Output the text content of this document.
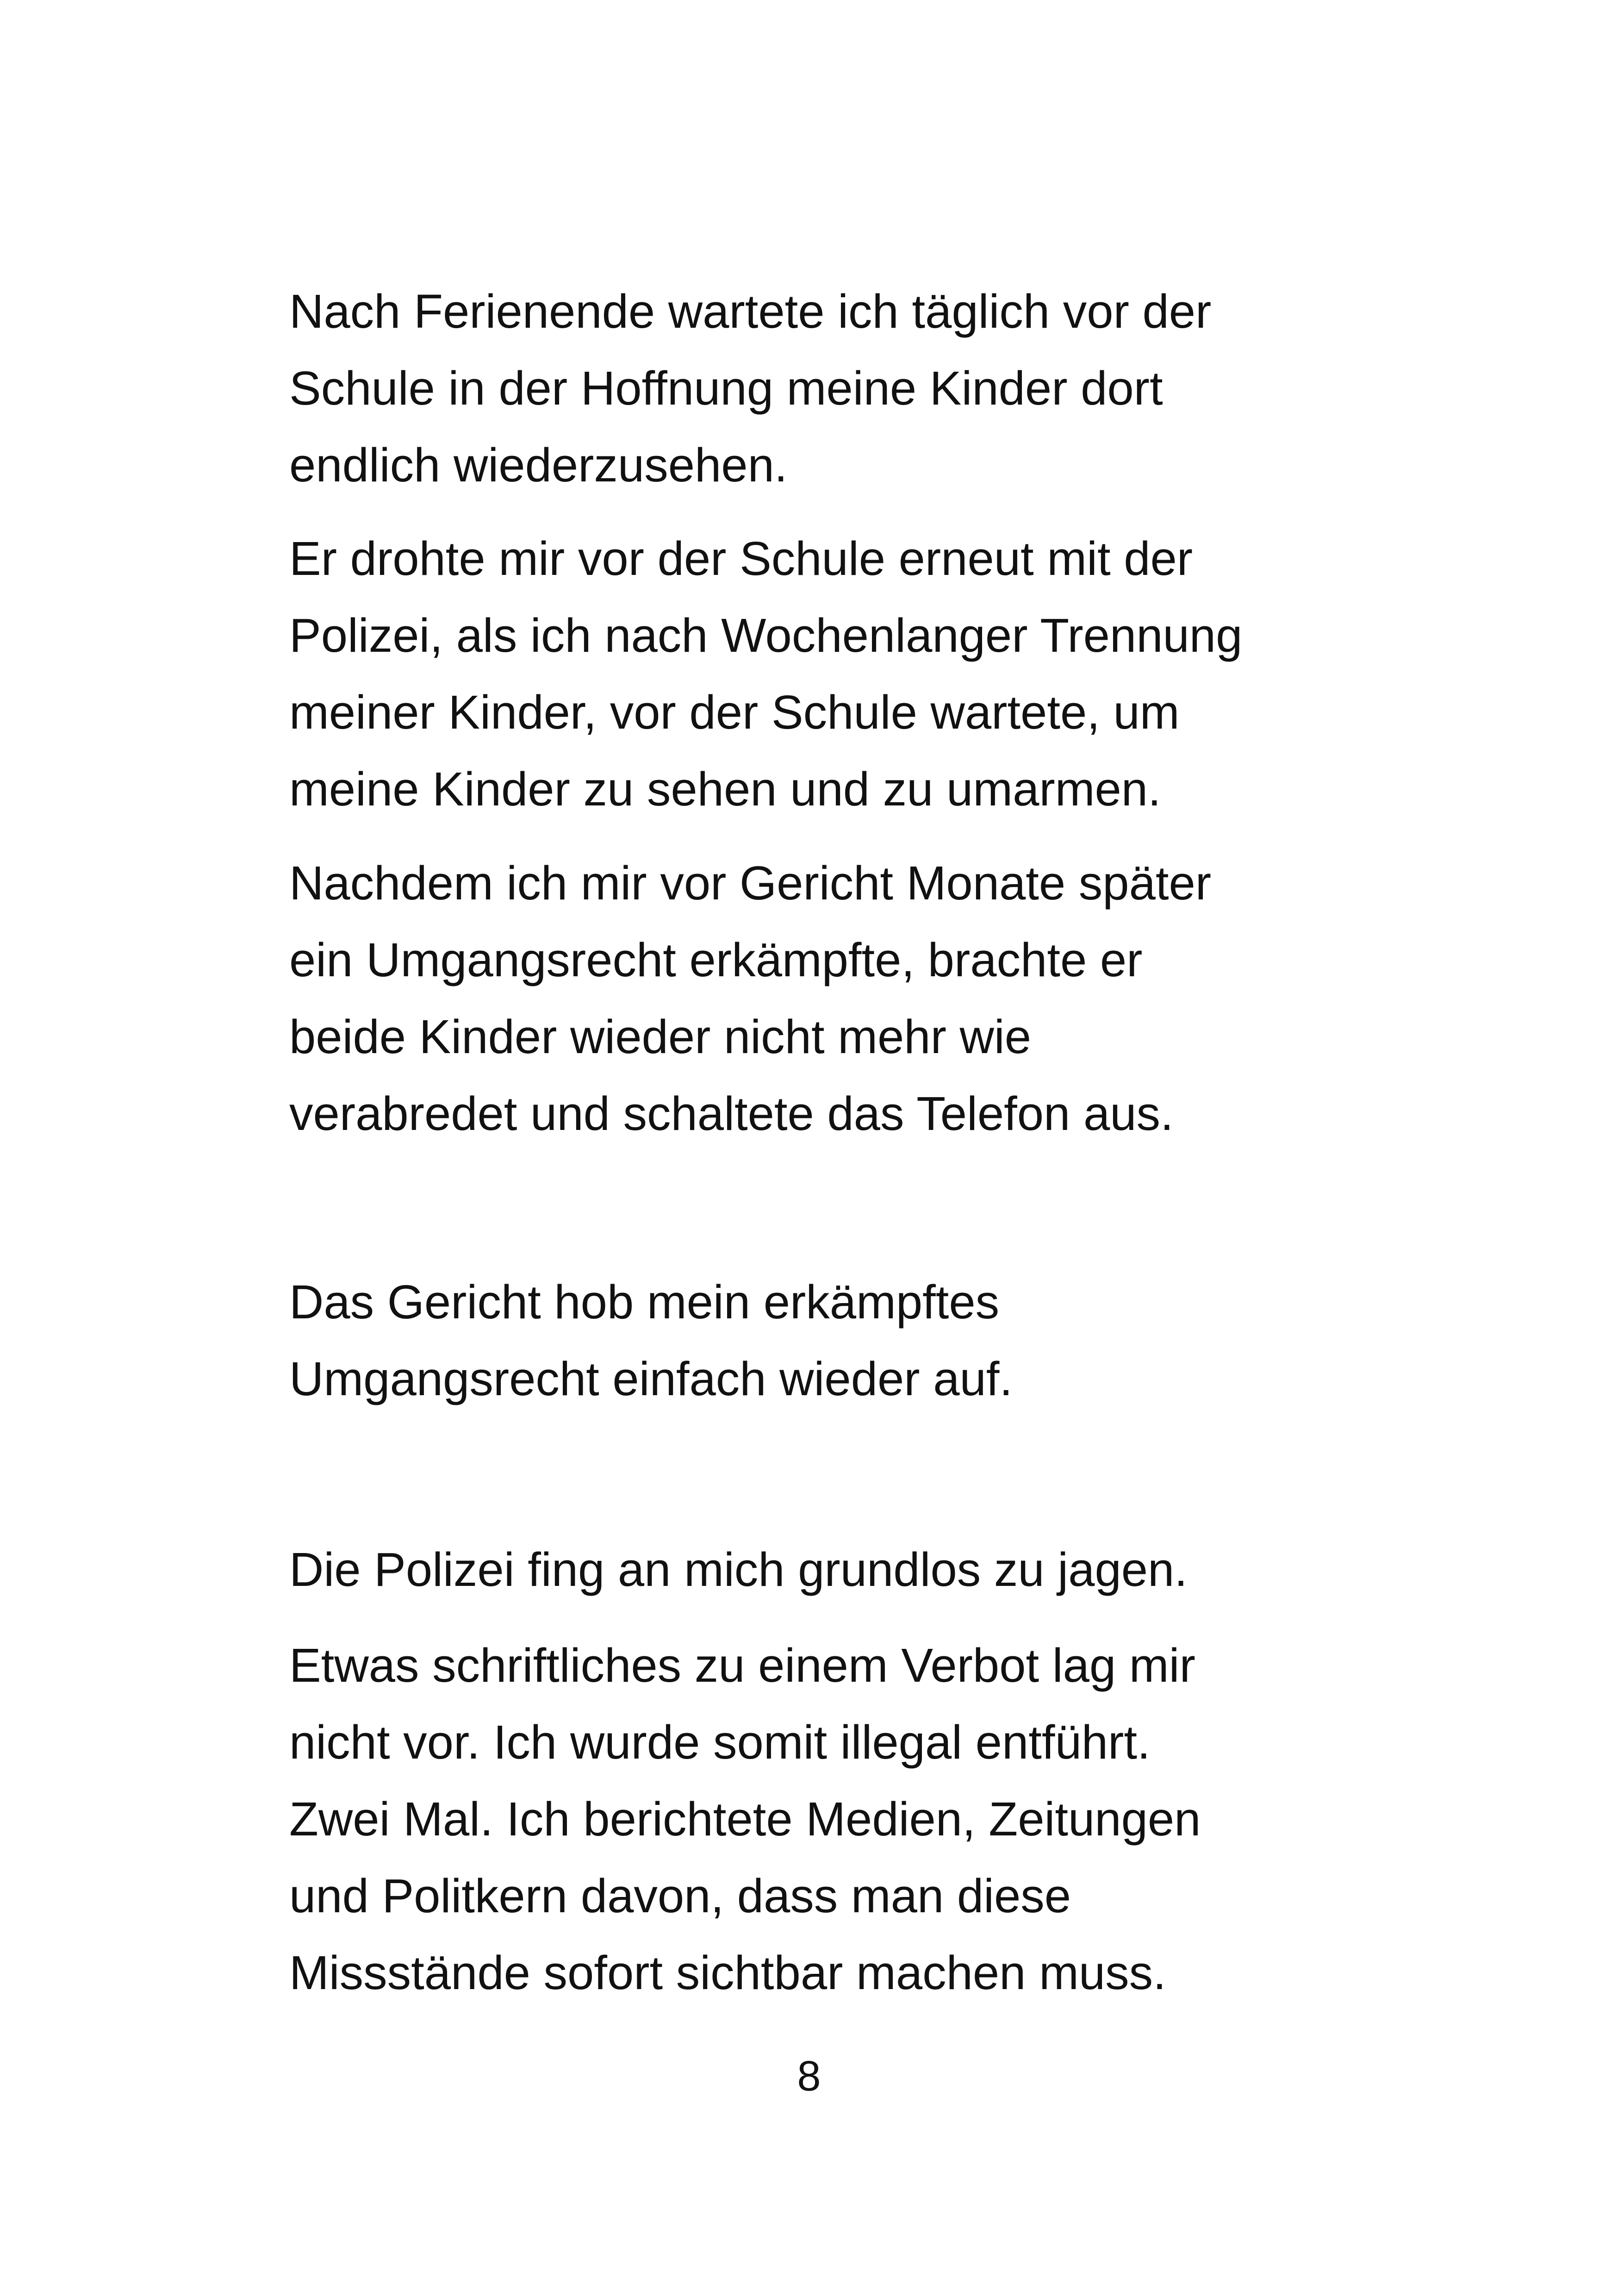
Nach Ferienende wartete ich täglich vor der
Schule in der Hoffnung meine Kinder dort
endlich wiederzusehen.

Er drohte mir vor der Schule erneut mit der
Polizei, als ich nach Wochenlanger Trennung
meiner Kinder, vor der Schule wartete, um
meine Kinder zu sehen und zu umarmen.

Nachdem ich mir vor Gericht Monate später
ein Umgangsrecht erkämpfte, brachte er
beide Kinder wieder nicht mehr wie
verabredet und schaltete das Telefon aus.

Das Gericht hob mein erkämpftes
Umgangsrecht einfach wieder auf.

Die Polizei fing an mich grundlos zu jagen.

Etwas schriftliches zu einem Verbot lag mir
nicht vor. Ich wurde somit illegal entführt.
Zwei Mal. Ich berichtete Medien, Zeitungen
und Politkern davon, dass man diese
Missstände sofort sichtbar machen muss.

8
